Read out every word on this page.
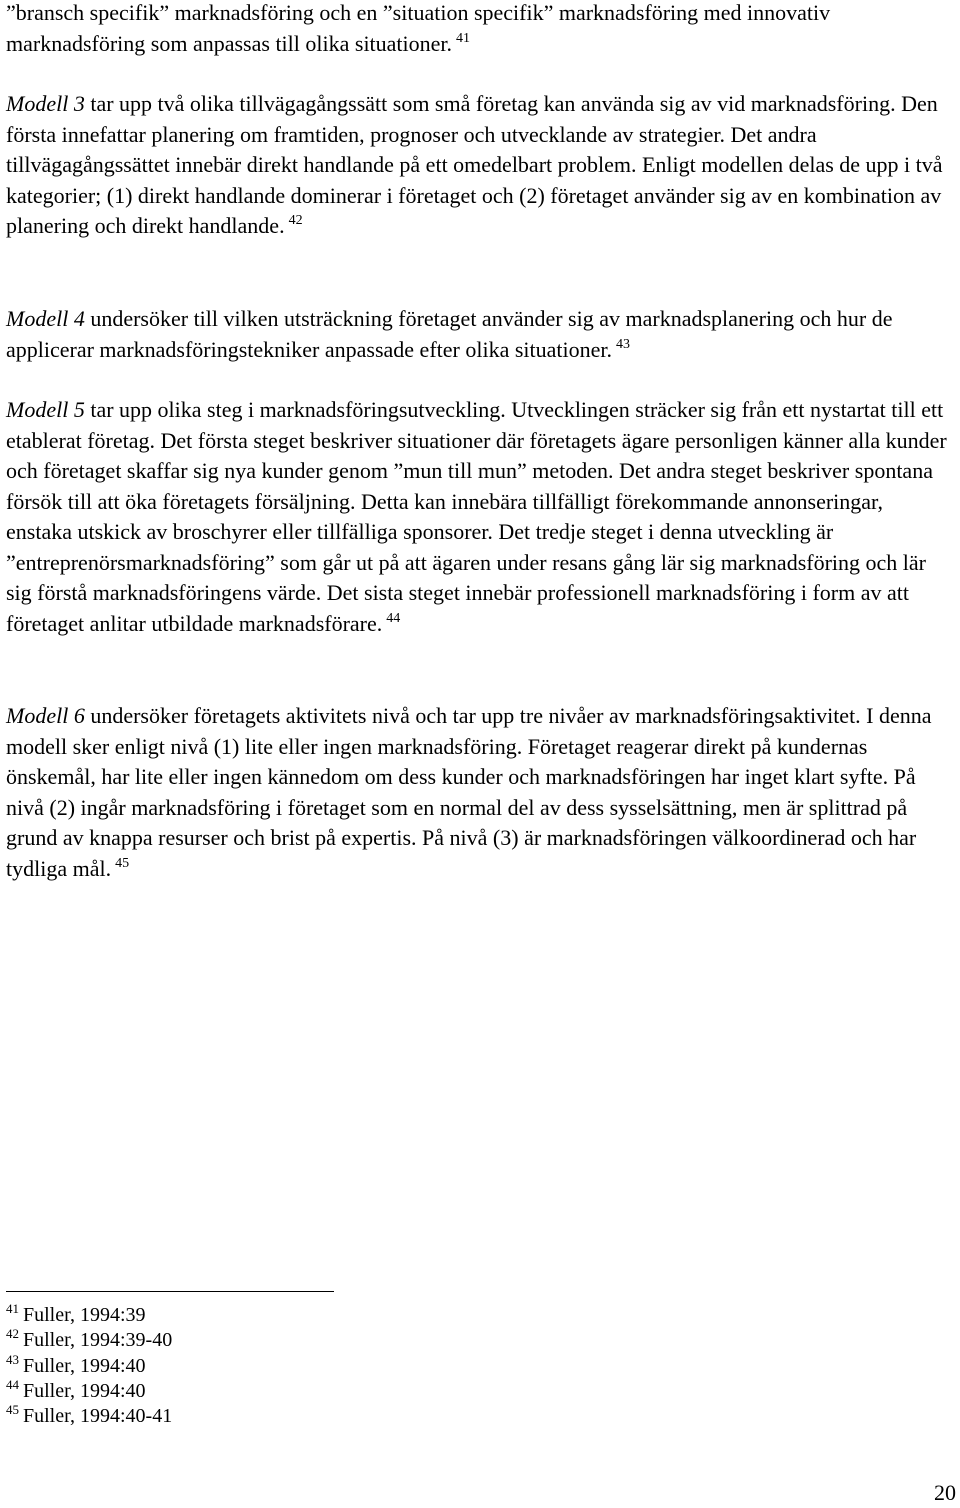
”bransch specifik” marknadsföring och en ”situation specifik” marknadsföring med innovativ marknadsföring som anpassas till olika situationer. $^{41}$

Modell 3 tar upp två olika tillvägagångssätt som små företag kan använda sig av vid marknadsföring. Den första innefattar planering om framtiden, prognoser och utvecklande av strategier. Det andra tillvägagångssättet innebär direkt handlande på ett omedelbart problem. Enligt modellen delas de upp i två kategorier; (1) direkt handlande dominerar i företaget och (2) företaget använder sig av en kombination av planering och direkt handlande. $^{42}$

Modell 4 undersöker till vilken utsträckning företaget använder sig av marknadsplanering och hur de applicerar marknadsföringstekniker anpassade efter olika situationer. $^{43}$

Modell 5 tar upp olika steg i marknadsföringsutveckling. Utvecklingen sträcker sig från ett nystartat till ett etablerat företag. Det första steget beskriver situationer där företagets ägare personligen känner alla kunder och företaget skaffar sig nya kunder genom ”mun till mun” metoden. Det andra steget beskriver spontana försök till att öka företagets försäljning. Detta kan innebära tillfälligt förekommande annonseringar, enstaka utskick av broschyrer eller tillfälliga sponsorer. Det tredje steget i denna utveckling är ”entreprenörsmarknadsföring” som går ut på att ägaren under resans gång lär sig marknadsföring och lär sig förstå marknadsföringens värde. Det sista steget innebär professionell marknadsföring i form av att företaget anlitar utbildade marknadsförare. $^{44}$

Modell 6 undersöker företagets aktivitets nivå och tar upp tre nivåer av marknadsföringsaktivitet. I denna modell sker enligt nivå (1) lite eller ingen marknadsföring. Företaget reagerar direkt på kundernas önskemål, har lite eller ingen kännedom om dess kunder och marknadsföringen har inget klart syfte. På nivå (2) ingår marknadsföring i företaget som en normal del av dess sysselsättning, men är splittrad på grund av knappa resurser och brist på expertis. På nivå (3) är marknadsföringen välkoordinerad och har tydliga mål. $^{45}$

$^{41}$ Fuller, 1994:39
$^{42}$ Fuller, 1994:39-40
$^{43}$ Fuller, 1994:40
$^{44}$ Fuller, 1994:40
$^{45}$ Fuller, 1994:40-41
20
